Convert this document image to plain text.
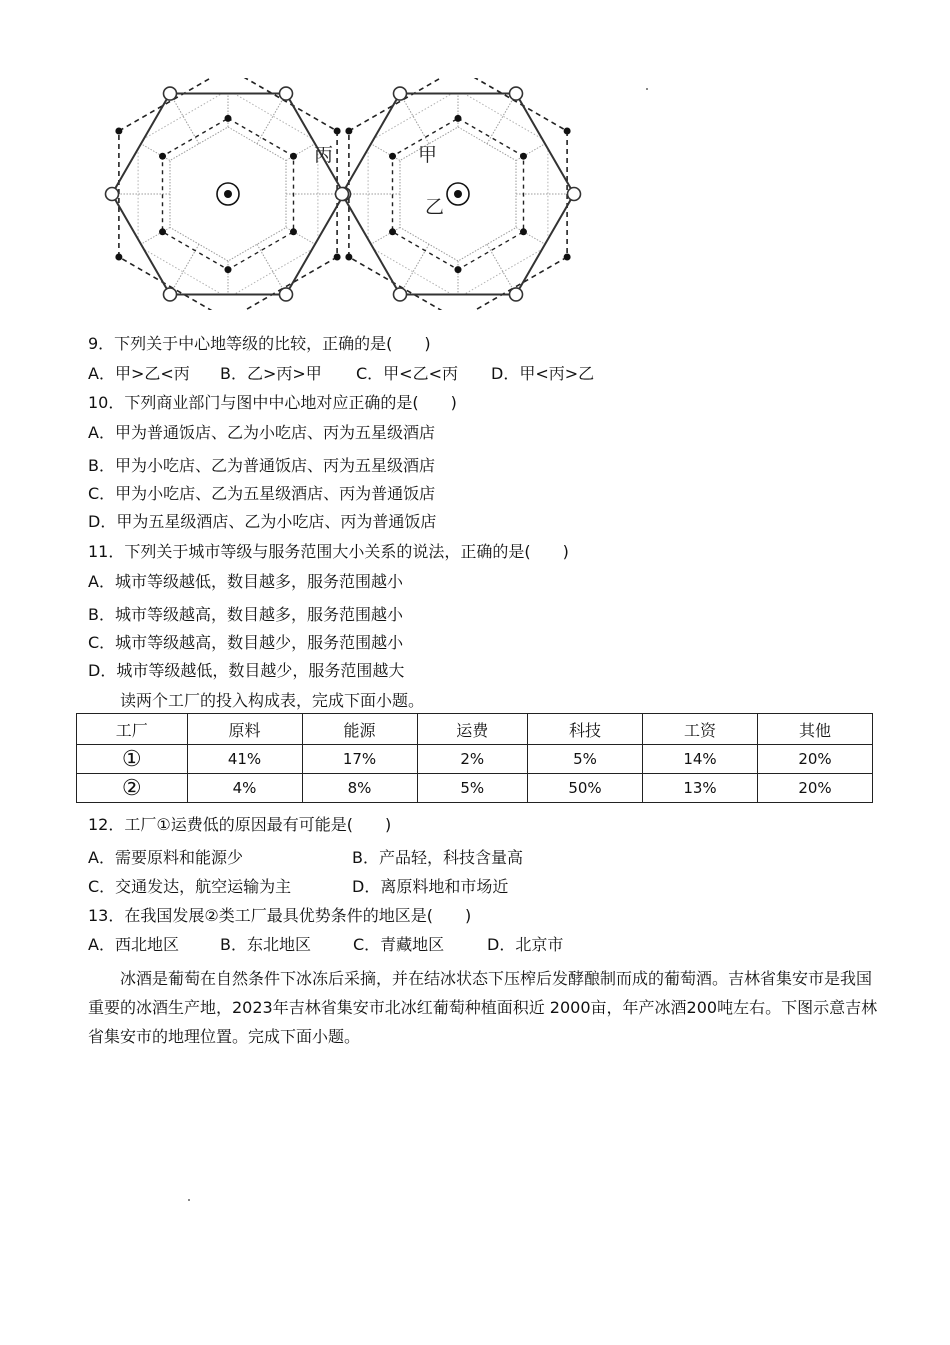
丙	甲
乙
9．下列关于中心地等级的比较，正确的是(　　)
A．甲>乙<丙 B．乙>丙>甲 C．甲<乙<丙 D．甲<丙>乙
10．下列商业部门与图中中心地对应正确的是(　　)
A．甲为普通饭店、乙为小吃店、丙为五星级酒店
B．甲为小吃店、乙为普通饭店、丙为五星级酒店
C．甲为小吃店、乙为五星级酒店、丙为普通饭店
D．甲为五星级酒店、乙为小吃店、丙为普通饭店
11．下列关于城市等级与服务范围大小关系的说法，正确的是(　　)
A．城市等级越低，数目越多，服务范围越小
B．城市等级越高，数目越多，服务范围越小
C．城市等级越高，数目越少，服务范围越小
D．城市等级越低，数目越少，服务范围越大
读两个工厂的投入构成表，完成下面小题。
工厂	原料	能源	运费	科技	工资	其他
①	41%	17%	2%	5%	14%	20%
②	4%	8%	5%	50%	13%	20%
12．工厂①运费低的原因最有可能是(　　)
A．需要原料和能源少	B．产品轻，科技含量高
C．交通发达，航空运输为主	D．离原料地和市场近
13．在我国发展②类工厂最具优势条件的地区是(　　)
A．西北地区	B．东北地区	C．青藏地区	D．北京市
冰酒是葡萄在自然条件下冰冻后采摘，并在结冰状态下压榨后发酵酿制而成的葡萄酒。吉林省集安市是我国重要的冰酒生产地，2023年吉林省集安市北冰红葡萄种植面积近 2000亩，年产冰酒200吨左右。下图示意吉林省集安市的地理位置。完成下面小题。
